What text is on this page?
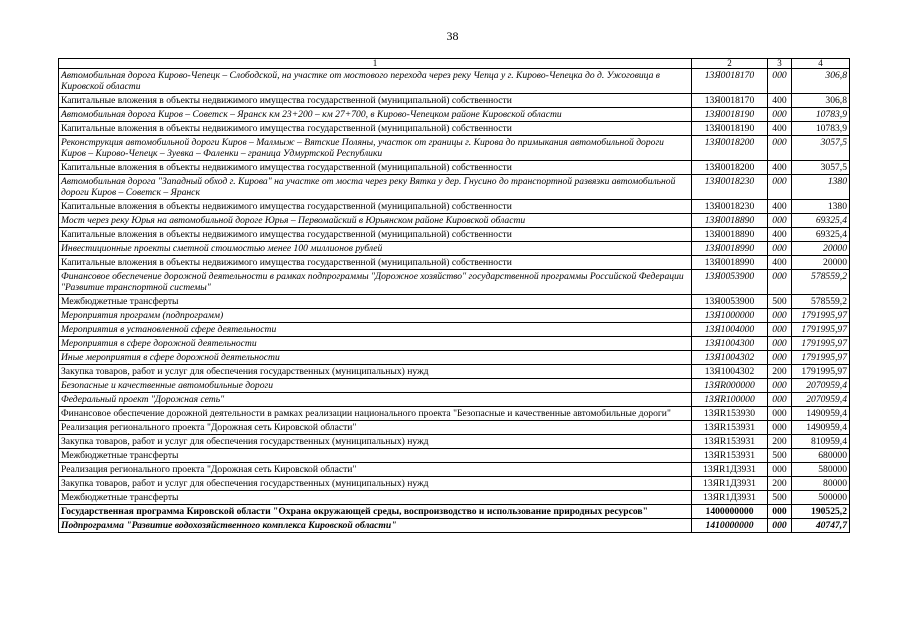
38
1	2	3	4
Автомобильная дорога Кирово-Чепецк – Слободской, на участке от мостового перехода через реку Чепца у г. Кирово-Чепецка до д. Ужоговица в Кировской области	13Я0018170	000	306,8
Капитальные вложения в объекты недвижимого имущества государственной (муниципальной) собственности	13Я0018170	400	306,8
Автомобильная дорога Киров – Советск – Яранск км 23+200 – км 27+700, в Кирово-Чепецком районе Кировской области	13Я0018190	000	10783,9
Капитальные вложения в объекты недвижимого имущества государственной (муниципальной) собственности	13Я0018190	400	10783,9
Реконструкция автомобильной дороги Киров – Малмыж – Вятские Поляны, участок от границы г. Кирова до примыкания автомобильной дороги Киров – Кирово-Чепецк – Зуевка – Фаленки – граница Удмуртской Республики	13Я0018200	000	3057,5
Капитальные вложения в объекты недвижимого имущества государственной (муниципальной) собственности	13Я0018200	400	3057,5
Автомобильная дорога "Западный обход г. Кирова" на участке от моста через реку Вятка у дер. Гнусино до транспортной развязки автомобильной дороги Киров – Советск – Яранск	13Я0018230	000	1380
Капитальные вложения в объекты недвижимого имущества государственной (муниципальной) собственности	13Я0018230	400	1380
Мост через реку Юрья на автомобильной дороге Юрья – Первомайский в Юрьянском районе Кировской области	13Я0018890	000	69325,4
Капитальные вложения в объекты недвижимого имущества государственной (муниципальной) собственности	13Я0018890	400	69325,4
Инвестиционные проекты сметной стоимостью менее 100 миллионов рублей	13Я0018990	000	20000
Капитальные вложения в объекты недвижимого имущества государственной (муниципальной) собственности	13Я0018990	400	20000
Финансовое обеспечение дорожной деятельности в рамках подпрограммы "Дорожное хозяйство" государственной программы Российской Федерации "Развитие транспортной системы"	13Я0053900	000	578559,2
Межбюджетные трансферты	13Я0053900	500	578559,2
Мероприятия программ (подпрограмм)	13Я1000000	000	1791995,97
Мероприятия в установленной сфере деятельности	13Я1004000	000	1791995,97
Мероприятия в сфере дорожной деятельности	13Я1004300	000	1791995,97
Иные мероприятия в сфере дорожной деятельности	13Я1004302	000	1791995,97
Закупка товаров, работ и услуг для обеспечения государственных (муниципальных) нужд	13Я1004302	200	1791995,97
Безопасные и качественные автомобильные дороги	13ЯR000000	000	2070959,4
Федеральный проект "Дорожная сеть"	13ЯR100000	000	2070959,4
Финансовое обеспечение дорожной деятельности в рамках реализации национального проекта "Безопасные и качественные автомобильные дороги"	13ЯR153930	000	1490959,4
Реализация регионального проекта "Дорожная сеть Кировской области"	13ЯR153931	000	1490959,4
Закупка товаров, работ и услуг для обеспечения государственных (муниципальных) нужд	13ЯR153931	200	810959,4
Межбюджетные трансферты	13ЯR153931	500	680000
Реализация регионального проекта "Дорожная сеть Кировской области"	13ЯR1Д3931	000	580000
Закупка товаров, работ и услуг для обеспечения государственных (муниципальных) нужд	13ЯR1Д3931	200	80000
Межбюджетные трансферты	13ЯR1Д3931	500	500000
Государственная программа Кировской области "Охрана окружающей среды, воспроизводство и использование природных ресурсов"	1400000000	000	190525,2
Подпрограмма "Развитие водохозяйственного комплекса Кировской области"	1410000000	000	40747,7
